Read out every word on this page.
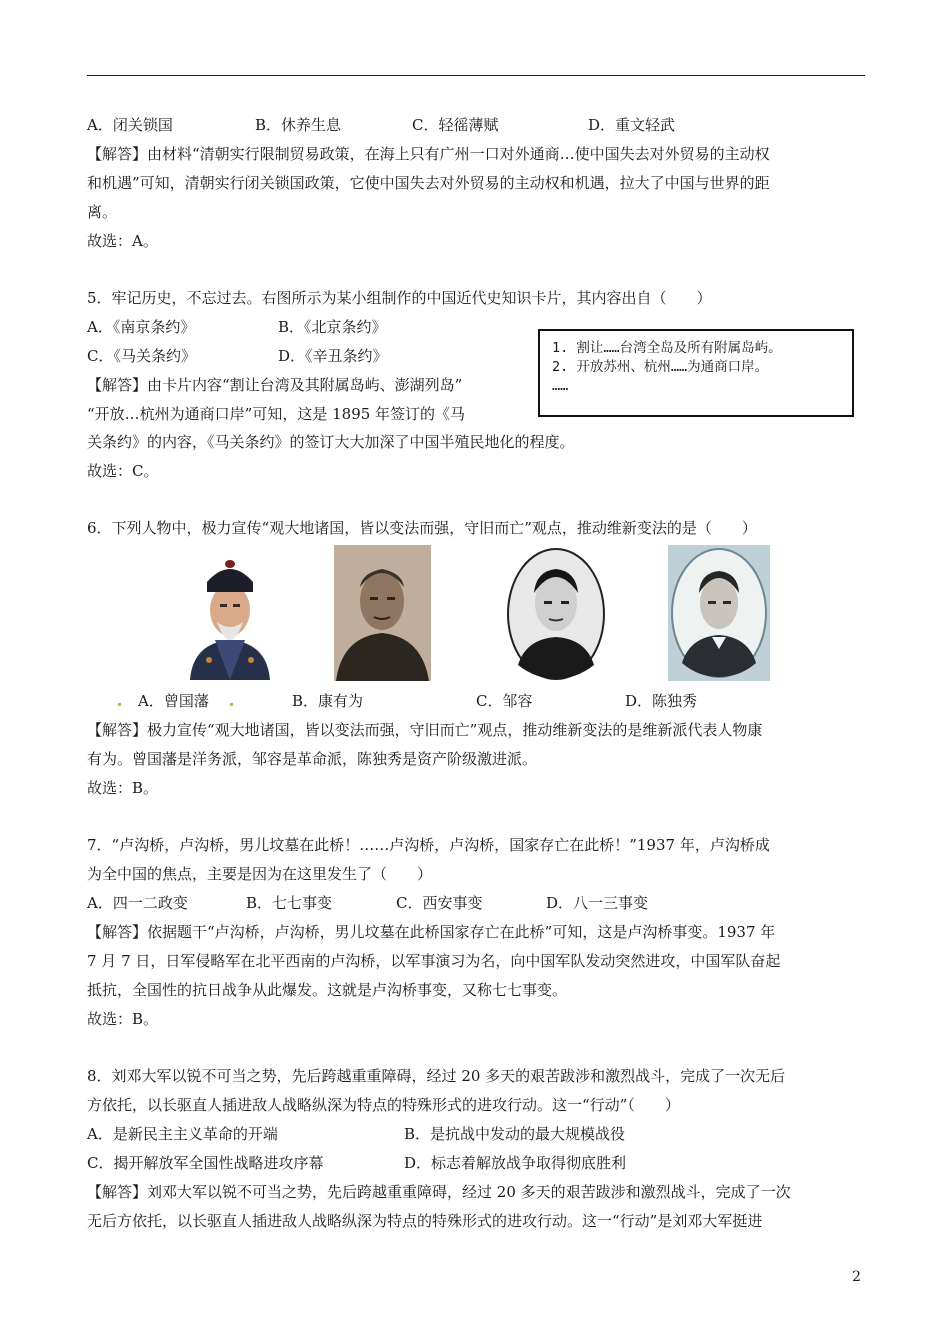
A．闭关锁国	B．休养生息	C．轻徭薄赋	D．重文轻武
【解答】由材料“清朝实行限制贸易政策，在海上只有广州一口对外通商…使中国失去对外贸易的主动权
和机遇”可知，清朝实行闭关锁国政策，它使中国失去对外贸易的主动权和机遇，拉大了中国与世界的距
离。
故选：A。
5．牢记历史，不忘过去。右图所示为某小组制作的中国近代史知识卡片，其内容出自（　　）
A．《南京条约》	B．《北京条约》
C．《马关条约》	D．《辛丑条约》	1. 割让……台湾全岛及所有附属岛屿。
2. 开放苏州、杭州……为通商口岸。
……
【解答】由卡片内容“割让台湾及其附属岛屿、澎湖列岛”
“开放…杭州为通商口岸”可知，这是 1895 年签订的《马
关条约》的内容，《马关条约》的签订大大加深了中国半殖民地化的程度。
故选：C。
6．下列人物中，极力宣传“观大地诸国，皆以变法而强，守旧而亡”观点，推动维新变法的是（　　）
A．曾国藩	B．康有为	C．邹容	D．陈独秀
【解答】极力宣传“观大地诸国，皆以变法而强，守旧而亡”观点，推动维新变法的是维新派代表人物康
有为。曾国藩是洋务派，邹容是革命派，陈独秀是资产阶级激进派。
故选：B。
7．“卢沟桥，卢沟桥，男儿坟墓在此桥！……卢沟桥，卢沟桥，国家存亡在此桥！”1937 年，卢沟桥成
为全中国的焦点，主要是因为在这里发生了（　　）
A．四一二政变	B．七七事变	C．西安事变	D．八一三事变
【解答】依据题干“卢沟桥，卢沟桥，男儿坟墓在此桥国家存亡在此桥”可知，这是卢沟桥事变。1937 年
7 月 7 日，日军侵略军在北平西南的卢沟桥，以军事演习为名，向中国军队发动突然进攻，中国军队奋起
抵抗，全国性的抗日战争从此爆发。这就是卢沟桥事变，又称七七事变。
故选：B。
8．刘邓大军以锐不可当之势，先后跨越重重障碍，经过 20 多天的艰苦跋涉和激烈战斗，完成了一次无后
方依托，以长驱直人插进敌人战略纵深为特点的特殊形式的进攻行动。这一“行动”（　　）
A．是新民主主义革命的开端	B．是抗战中发动的最大规模战役
C．揭开解放军全国性战略进攻序幕	D．标志着解放战争取得彻底胜利
【解答】刘邓大军以锐不可当之势，先后跨越重重障碍，经过 20 多天的艰苦跋涉和激烈战斗，完成了一次
无后方依托，以长驱直人插进敌人战略纵深为特点的特殊形式的进攻行动。这一“行动”是刘邓大军挺进
2
